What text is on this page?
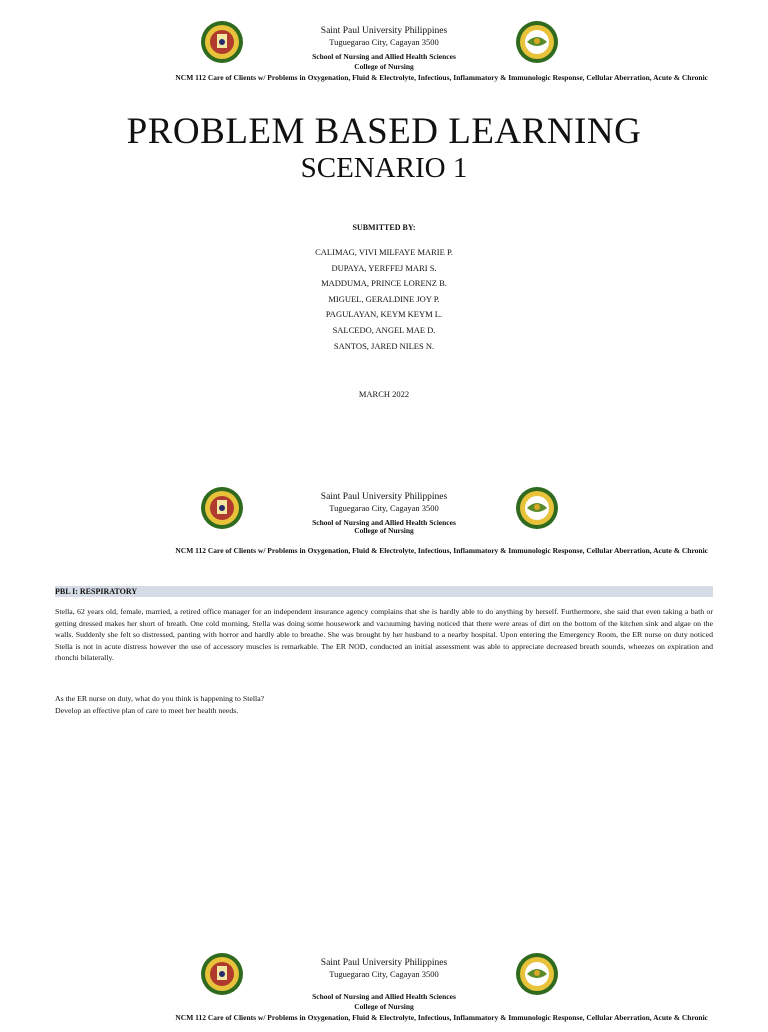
Saint Paul University Philippines
Tuguegarao City, Cagayan 3500
School of Nursing and Allied Health Sciences
College of Nursing
NCM 112 Care of Clients w/ Problems in Oxygenation, Fluid & Electrolyte, Infectious, Inflammatory & Immunologic Response, Cellular Aberration, Acute & Chronic
PROBLEM BASED LEARNING
SCENARIO 1
SUBMITTED BY:
CALIMAG, VIVI MILFAYE MARIE P.
DUPAYA, YERFFEJ MARI S.
MADDUMA, PRINCE LORENZ B.
MIGUEL, GERALDINE JOY P.
PAGULAYAN, KEYM KEYM L.
SALCEDO, ANGEL MAE D.
SANTOS, JARED NILES N.
MARCH 2022
Saint Paul University Philippines
Tuguegarao City, Cagayan 3500
School of Nursing and Allied Health Sciences
College of Nursing
NCM 112 Care of Clients w/ Problems in Oxygenation, Fluid & Electrolyte, Infectious, Inflammatory & Immunologic Response, Cellular Aberration, Acute & Chronic
PBL I: RESPIRATORY
Stella, 62 years old, female, married, a retired office manager for an independent insurance agency complains that she is hardly able to do anything by herself. Furthermore, she said that even taking a bath or getting dressed makes her short of breath. One cold morning, Stella was doing some housework and vacuuming having noticed that there were areas of dirt on the bottom of the kitchen sink and algae on the walls. Suddenly she felt so distressed, panting with horror and hardly able to breathe. She was brought by her husband to a nearby hospital. Upon entering the Emergency Room, the ER nurse on duty noticed Stella is not in acute distress however the use of accessory muscles is remarkable. The ER NOD, conducted an initial assessment was able to appreciate decreased breath sounds, wheezes on expiration and rhonchi bilaterally.
As the ER nurse on duty, what do you think is happening to Stella?
Develop an effective plan of care to meet her health needs.
Saint Paul University Philippines
Tuguegarao City, Cagayan 3500
School of Nursing and Allied Health Sciences
College of Nursing
NCM 112 Care of Clients w/ Problems in Oxygenation, Fluid & Electrolyte, Infectious, Inflammatory & Immunologic Response, Cellular Aberration, Acute & Chronic
